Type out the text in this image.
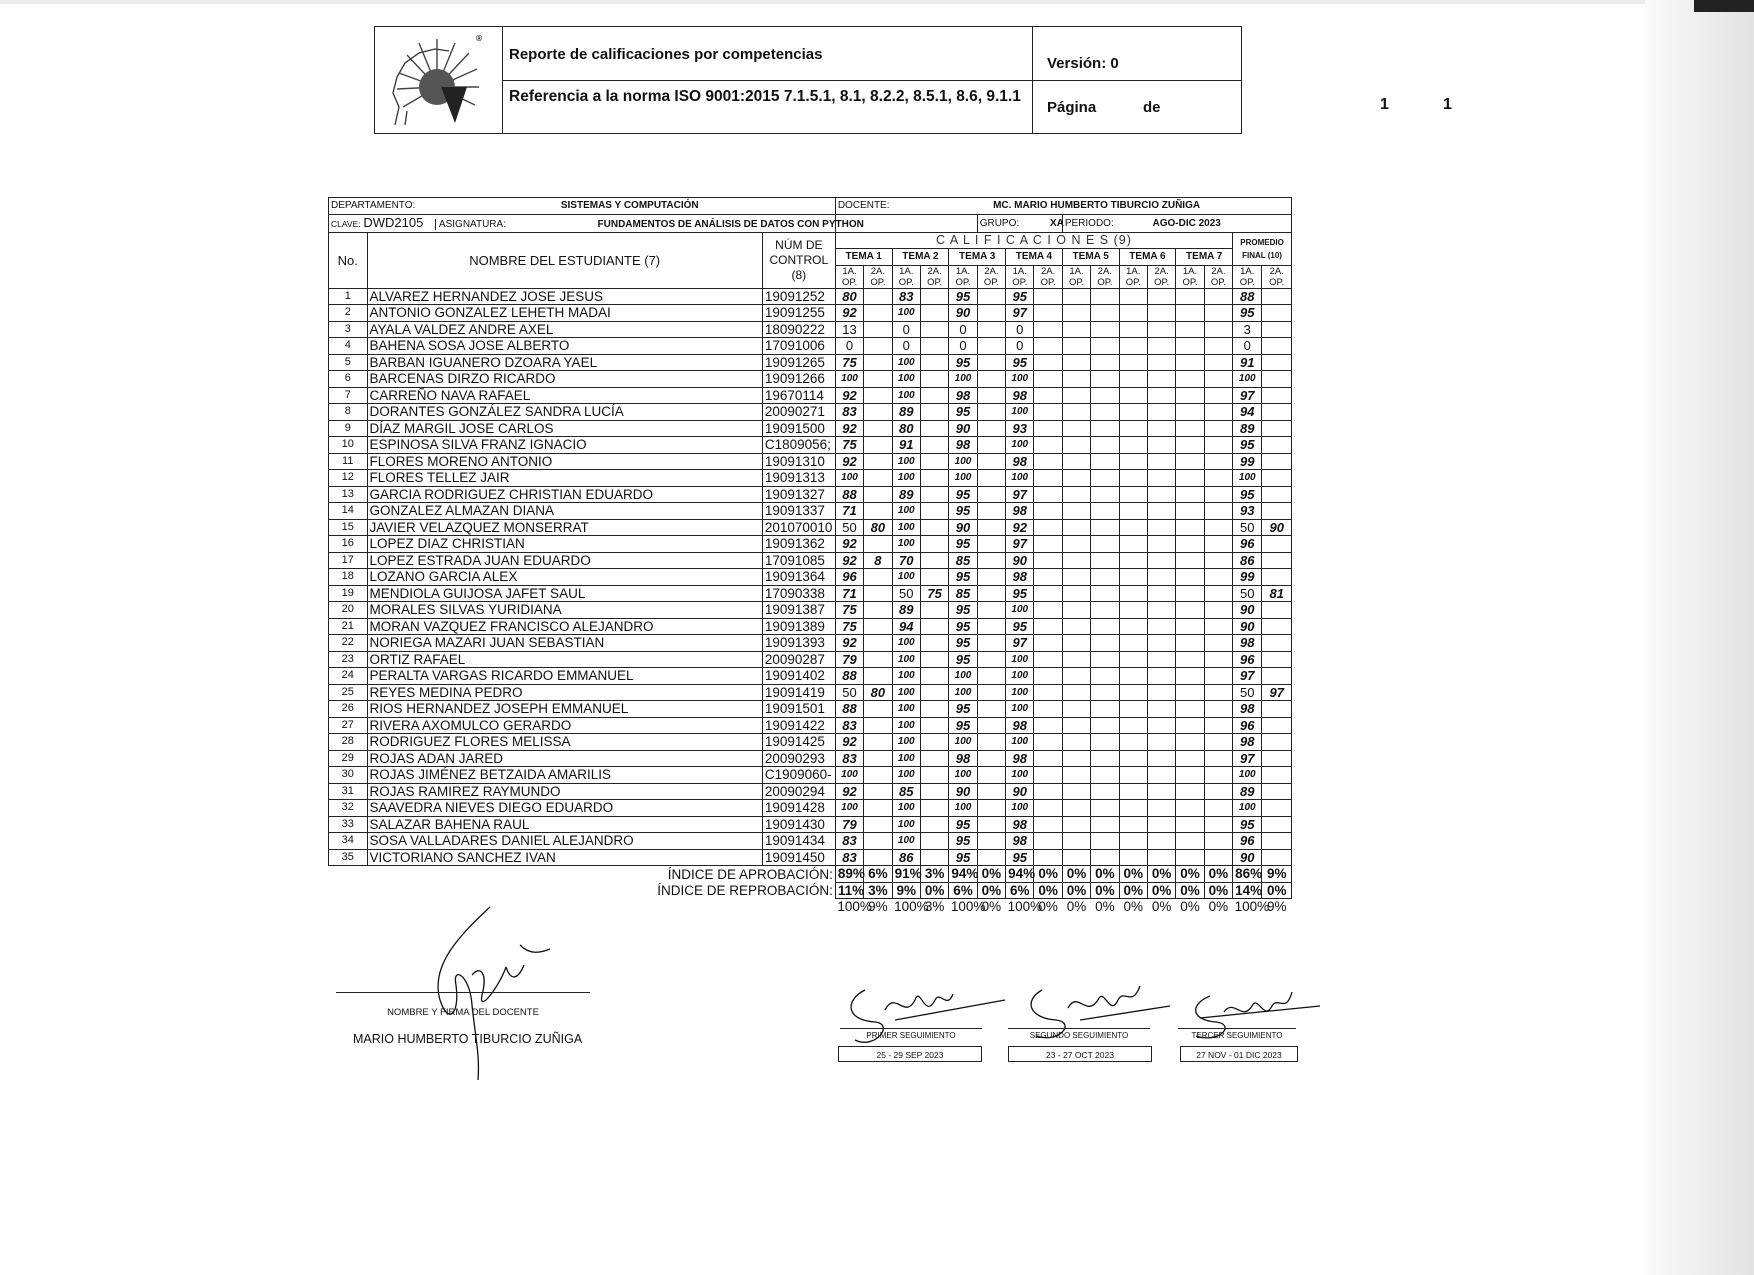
®
Reporte de calificaciones por competencias
Referencia a la norma ISO 9001:2015 7.1.5.1, 8.1, 8.2.2, 8.5.1, 8.6, 9.1.1
Versión: 0
Página	de	1	1
DEPARTAMENTO: SISTEMAS Y COMPUTACIÓN			DOCENTE: MC. MARIO HUMBERTO TIBURCIO ZUÑIGA															
CLAVE: DWD2105 ASIGNATURA: FUNDAMENTOS DE ANÁLISIS DE DATOS CON PYTHON								GRUPO: XA			PERIODO: AGO-DIC 2023							
No.	NOMBRE DEL ESTUDIANTE (7)	NÚM DE CONTROL (8)	C A L I F I C A C I O N E S (9)														PROMEDIO FINAL (10)	
			TEMA 1		TEMA 2		TEMA 3		TEMA 4		TEMA 5		TEMA 6		TEMA 7			
			1A. OP.	2A. OP.	1A. OP.	2A. OP.	1A. OP.	2A. OP.	1A. OP.	2A. OP.	1A. OP.	2A. OP.	1A. OP.	2A. OP.	1A. OP.	2A. OP.	1A. OP.	2A. OP.
1	ALVAREZ HERNANDEZ JOSE JESUS	19091252	80		83		95		95								88	
2	ANTONIO GONZALEZ LEHETH MADAI	19091255	92		100		90		97								95	
3	AYALA VALDEZ ANDRE AXEL	18090222	13		0		0		0								3	
4	BAHENA SOSA JOSE ALBERTO	17091006	0		0		0		0								0	
5	BARBAN IGUANERO DZOARA YAEL	19091265	75		100		95		95								91	
6	BARCENAS DIRZO RICARDO	19091266	100		100		100		100								100	
7	CARREÑO NAVA RAFAEL	19670114	92		100		98		98								97	
8	DORANTES GONZÁLEZ SANDRA LUCÍA	20090271	83		89		95		100								94	
9	DÍAZ MARGIL JOSE CARLOS	19091500	92		80		90		93								89	
10	ESPINOSA SILVA FRANZ IGNACIO	C1809056;	75		91		98		100								95	
11	FLORES MORENO ANTONIO	19091310	92		100		100		98								99	
12	FLORES TELLEZ JAIR	19091313	100		100		100		100								100	
13	GARCIA RODRIGUEZ CHRISTIAN EDUARDO	19091327	88		89		95		97								95	
14	GONZALEZ ALMAZAN DIANA	19091337	71		100		95		98								93	
15	JAVIER VELAZQUEZ MONSERRAT	201070010	50	80	100		90		92								50	90
16	LOPEZ DIAZ CHRISTIAN	19091362	92		100		95		97								96	
17	LOPEZ ESTRADA JUAN EDUARDO	17091085	92	8	70		85		90								86	
18	LOZANO GARCIA ALEX	19091364	96		100		95		98								99	
19	MENDIOLA GUIJOSA JAFET SAUL	17090338	71		50	75	85		95								50	81
20	MORALES SILVAS YURIDIANA	19091387	75		89		95		100								90	
21	MORAN VAZQUEZ FRANCISCO ALEJANDRO	19091389	75		94		95		95								90	
22	NORIEGA MAZARI JUAN SEBASTIAN	19091393	92		100		95		97								98	
23	ORTIZ RAFAEL	20090287	79		100		95		100								96	
24	PERALTA VARGAS RICARDO EMMANUEL	19091402	88		100		100		100								97	
25	REYES MEDINA PEDRO	19091419	50	80	100		100		100								50	97
26	RIOS HERNANDEZ JOSEPH EMMANUEL	19091501	88		100		95		100								98	
27	RIVERA AXOMULCO GERARDO	19091422	83		100		95		98								96	
28	RODRIGUEZ FLORES MELISSA	19091425	92		100		100		100								98	
29	ROJAS ADAN JARED	20090293	83		100		98		98								97	
30	ROJAS JIMÉNEZ BETZAIDA AMARILIS	C1909060-	100		100		100		100								100	
31	ROJAS RAMIREZ RAYMUNDO	20090294	92		85		90		90								89	
32	SAAVEDRA NIEVES DIEGO EDUARDO	19091428	100		100		100		100								100	
33	SALAZAR BAHENA RAUL	19091430	79		100		95		98								95	
34	SOSA VALLADARES DANIEL ALEJANDRO	19091434	83		100		95		98								96	
35	VICTORIANO SANCHEZ IVAN	19091450	83		86		95		95								90	
ÍNDICE DE APROBACIÓN:			89%	6%	91%	3%	94%	0%	94%	0%	0%	0%	0%	0%	0%	0%	86%	9%
ÍNDICE DE REPROBACIÓN:			11%	3%	9%	0%	6%	0%	6%	0%	0%	0%	0%	0%	0%	0%	14%	0%
			100%	9%	100%	3%	100%	0%	100%	0%	0%	0%	0%	0%	0%	0%	100%	9%
NOMBRE Y FIRMA DEL DOCENTE
MARIO HUMBERTO TIBURCIO ZUÑIGA	PRIMER SEGUIMIENTO
25 - 29 SEP 2023
SEGUNDO SEGUIMIENTO
23 - 27 OCT 2023
TERCER SEGUIMIENTO
27 NOV - 01 DIC 2023
